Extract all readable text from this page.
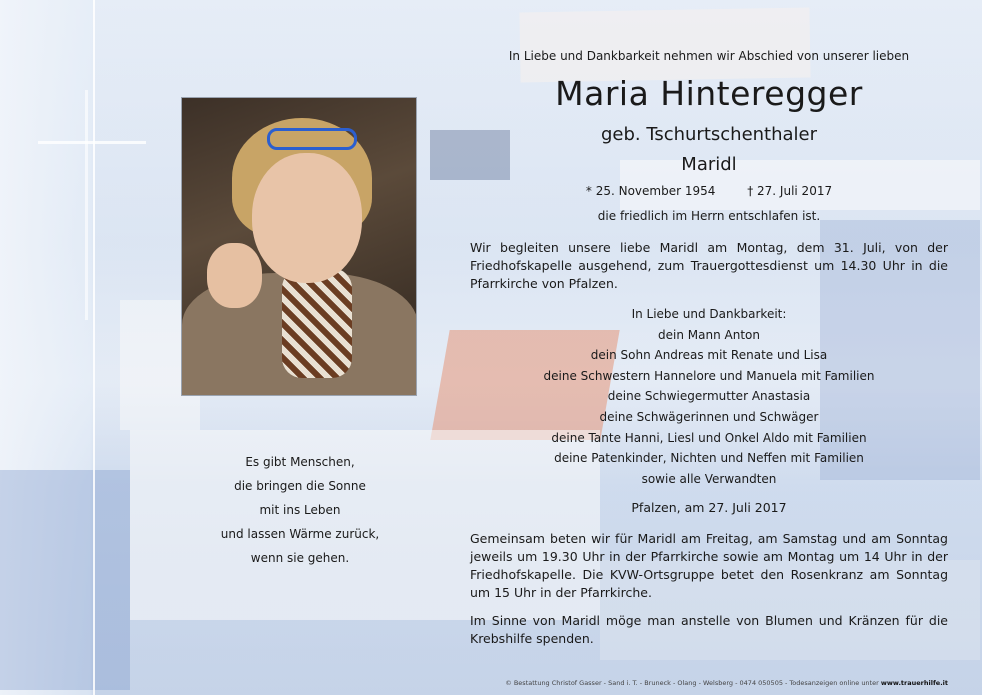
Es gibt Menschen,
die bringen die Sonne
mit ins Leben
und lassen Wärme zurück,
wenn sie gehen.
In Liebe und Dankbarkeit nehmen wir Abschied von unserer lieben
Maria Hinteregger
geb. Tschurtschenthaler
Maridl
* 25. November 1954	† 27. Juli 2017
die friedlich im Herrn entschlafen ist.
Wir begleiten unsere liebe Maridl am Montag, dem 31. Juli, von der Friedhofskapelle ausgehend, zum Trauergottesdienst um 14.30 Uhr in die Pfarrkirche von Pfalzen.
In Liebe und Dankbarkeit:
dein Mann Anton
dein Sohn Andreas mit Renate und Lisa
deine Schwestern Hannelore und Manuela mit Familien
deine Schwiegermutter Anastasia
deine Schwägerinnen und Schwäger
deine Tante Hanni, Liesl und Onkel Aldo mit Familien
deine Patenkinder, Nichten und Neffen mit Familien
sowie alle Verwandten
Pfalzen, am 27. Juli 2017
Gemeinsam beten wir für Maridl am Freitag, am Samstag und am Sonntag jeweils um 19.30 Uhr in der Pfarrkirche sowie am Montag um 14 Uhr in der Friedhofskapelle. Die KVW-Ortsgruppe betet den Rosenkranz am Sonntag um 15 Uhr in der Pfarrkirche.
Im Sinne von Maridl möge man anstelle von Blumen und Kränzen für die Krebshilfe spenden.
© Bestattung Christof Gasser - Sand i. T. - Bruneck - Olang - Welsberg - 0474 050505 - Todesanzeigen online unter www.trauerhilfe.it
